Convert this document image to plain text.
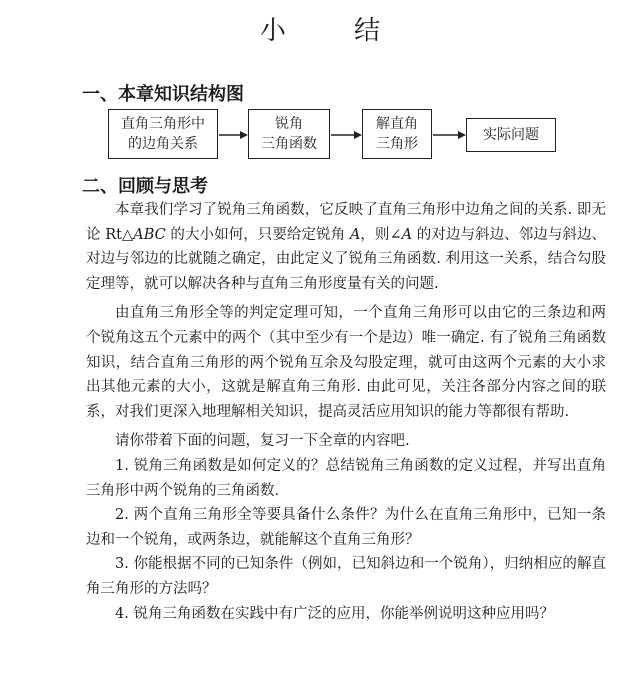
小 结
一、本章知识结构图
直角三角形中
的边角关系
锐角
三角函数
解直角
三角形
实际问题
二、回顾与思考

本章我们学习了锐角三角函数，它反映了直角三角形中边角之间的关系. 即无论 Rt△ABC 的大小如何，只要给定锐角 A，则∠A 的对边与斜边、邻边与斜边、对边与邻边的比就随之确定，由此定义了锐角三角函数. 利用这一关系，结合勾股定理等，就可以解决各种与直角三角形度量有关的问题.

由直角三角形全等的判定定理可知，一个直角三角形可以由它的三条边和两个锐角这五个元素中的两个（其中至少有一个是边）唯一确定. 有了锐角三角函数知识，结合直角三角形的两个锐角互余及勾股定理，就可由这两个元素的大小求出其他元素的大小，这就是解直角三角形. 由此可见，关注各部分内容之间的联系，对我们更深入地理解相关知识，提高灵活应用知识的能力等都很有帮助.

请你带着下面的问题，复习一下全章的内容吧.

1. 锐角三角函数是如何定义的？总结锐角三角函数的定义过程，并写出直角三角形中两个锐角的三角函数.

2. 两个直角三角形全等要具备什么条件？为什么在直角三角形中，已知一条边和一个锐角，或两条边，就能解这个直角三角形？

3. 你能根据不同的已知条件（例如，已知斜边和一个锐角），归纳相应的解直角三角形的方法吗？

4. 锐角三角函数在实践中有广泛的应用，你能举例说明这种应用吗？
